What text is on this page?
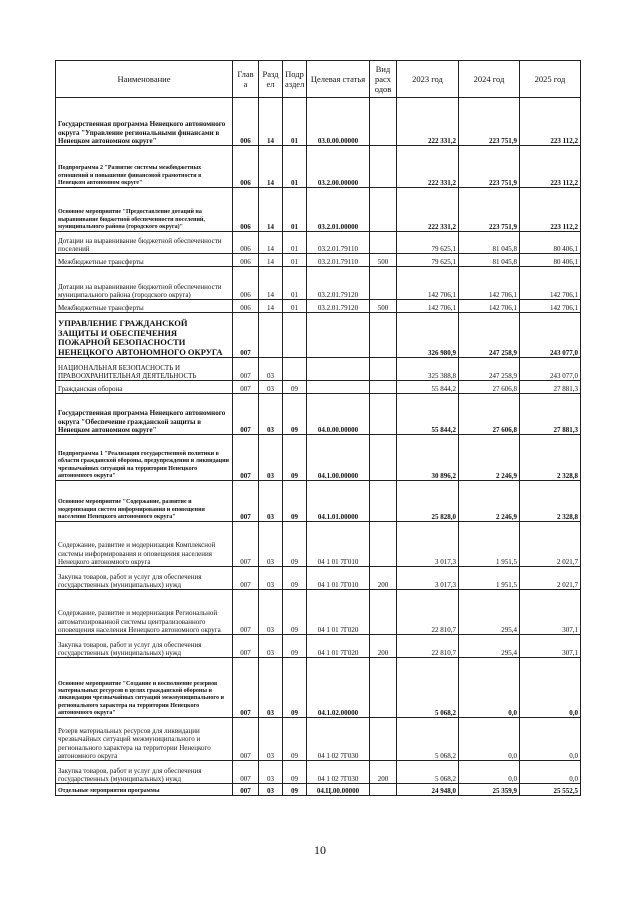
Наименование	Глав а	Разд ел	Подр аздел	Целевая статья	Вид расх одов	2023 год	2024 год	2025 год
Государственная программа Ненецкого автономного округа "Управление региональными финансами в Ненецком автономном округе"	006	14	01	03.0.00.00000		222 331,2	223 751,9	223 112,2
Подпрограмма 2 "Развитие системы межбюджетных отношений и повышение финансовой грамотности в Ненецком автономном округе"	006	14	01	03.2.00.00000		222 331,2	223 751,9	223 112,2
Основное мероприятие "Предоставление дотаций на выравнивание бюджетной обеспеченности поселений, муниципального района (городского округа)"	006	14	01	03.2.01.00000		222 331,2	223 751,9	223 112,2
Дотации на выравнивание бюджетной обеспеченности поселений	006	14	01	03.2.01.79110		79 625,1	81 045,8	80 406,1
Межбюджетные трансферты	006	14	01	03.2.01.79110	500	79 625,1	81 045,8	80 406,1
Дотации на выравнивание бюджетной обеспеченности муниципального района (городского округа)	006	14	01	03.2.01.79120		142 706,1	142 706,1	142 706,1
Межбюджетные трансферты	006	14	01	03.2.01.79120	500	142 706,1	142 706,1	142 706,1
УПРАВЛЕНИЕ ГРАЖДАНСКОЙ ЗАЩИТЫ И ОБЕСПЕЧЕНИЯ ПОЖАРНОЙ БЕЗОПАСНОСТИ НЕНЕЦКОГО АВТОНОМНОГО ОКРУГА	007					326 980,9	247 258,9	243 077,0
НАЦИОНАЛЬНАЯ БЕЗОПАСНОСТЬ И ПРАВООХРАНИТЕЛЬНАЯ ДЕЯТЕЛЬНОСТЬ	007	03				325 388,8	247 258,9	243 077,0
Гражданская оборона	007	03	09			55 844,2	27 606,8	27 881,3
Государственная программа Ненецкого автономного округа "Обеспечение гражданской защиты в Ненецком автономном округе"	007	03	09	04.0.00.00000		55 844,2	27 606,8	27 881,3
Подпрограмма 1 "Реализация государственной политики в области гражданской обороны, предупреждения и ликвидации чрезвычайных ситуаций на территории Ненецкого автономного округа"	007	03	09	04.1.00.00000		30 896,2	2 246,9	2 328,8
Основное мероприятие "Содержание, развитие и модернизация систем информирования и оповещения населения Ненецкого автономного округа"	007	03	09	04.1.01.00000		25 828,0	2 246,9	2 328,8
Содержание, развитие и модернизация Комплексной системы информирования и оповещения населения Ненецкого автономного округа	007	03	09	04 1 01 7Г010		3 017,3	1 951,5	2 021,7
Закупка товаров, работ и услуг для обеспечения государственных (муниципальных) нужд	007	03	09	04 1 01 7Г010	200	3 017,3	1 951,5	2 021,7
Содержание, развитие и модернизация Региональной автоматизированной системы централизованного оповещения населения Ненецкого автономного округа	007	03	09	04 1 01 7Г020		22 810,7	295,4	307,1
Закупка товаров, работ и услуг для обеспечения государственных (муниципальных) нужд	007	03	09	04 1 01 7Г020	200	22 810,7	295,4	307,1
Основное мероприятие "Создание и восполнение резервов материальных ресурсов в целях гражданской обороны и ликвидации чрезвычайных ситуаций межмуниципального и регионального характера на территории Ненецкого автономного округа"	007	03	09	04.1.02.00000		5 068,2	0,0	0,0
Резерв материальных ресурсов для ликвидации чрезвычайных ситуаций межмуниципального и регионального характера на территории Ненецкого автономного округа	007	03	09	04 1 02 7Г030		5 068,2	0,0	0,0
Закупка товаров, работ и услуг для обеспечения государственных (муниципальных) нужд	007	03	09	04 1 02 7Г030	200	5 068,2	0,0	0,0
Отдельные мероприятия программы	007	03	09	04.Ц.00.00000		24 948,0	25 359,9	25 552,5
10
